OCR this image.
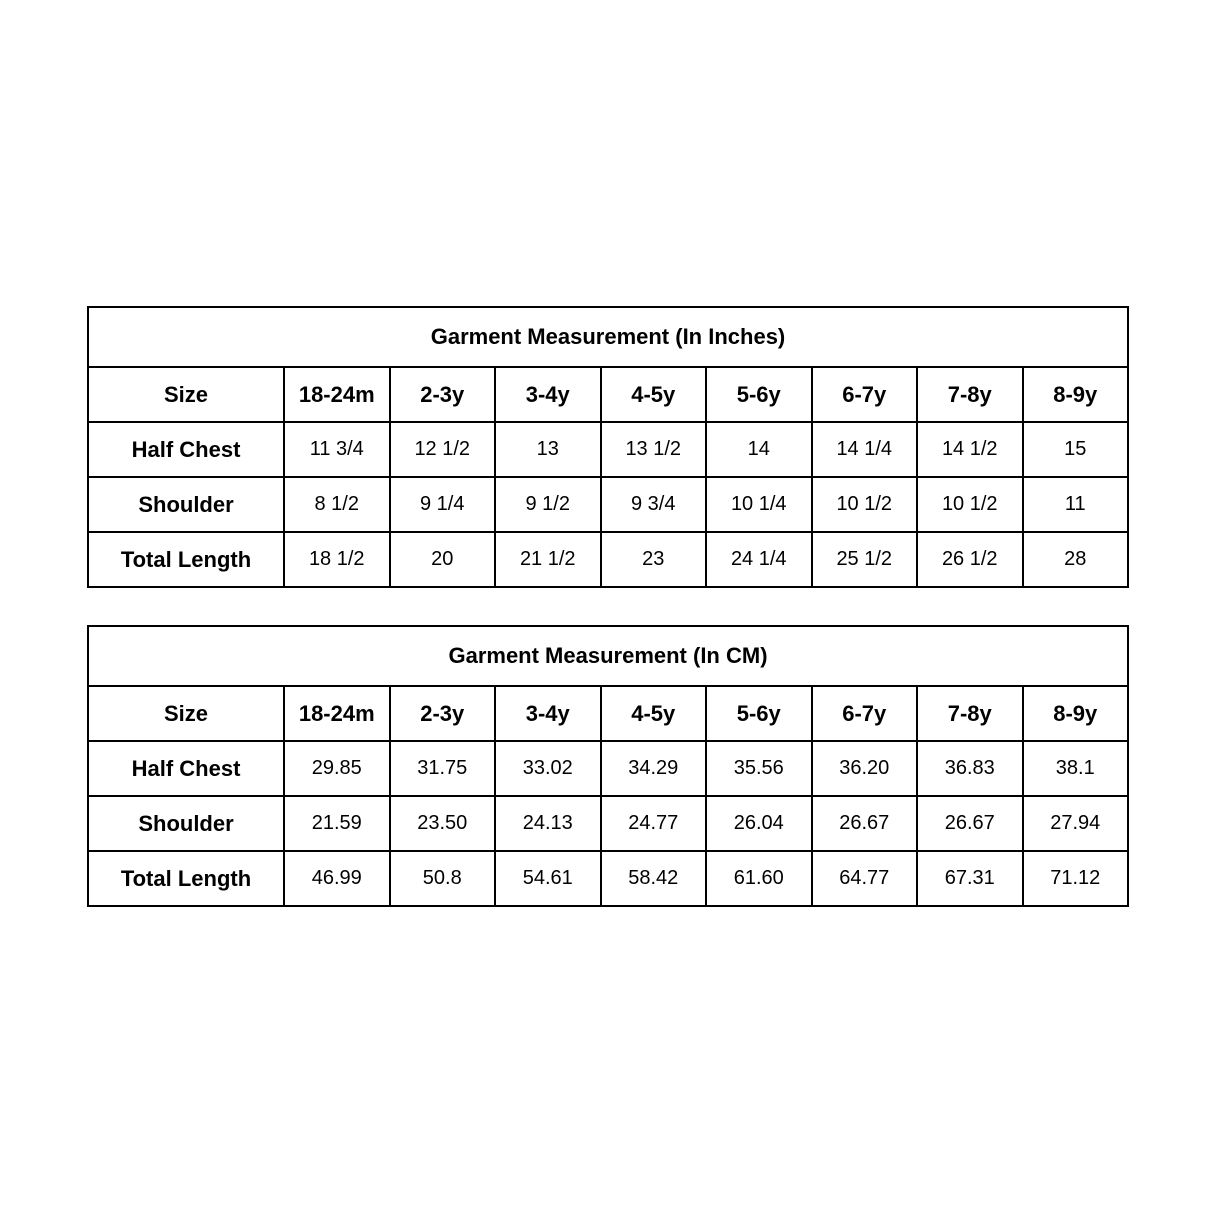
Garment Measurement (In Inches)								
Size	18-24m	2-3y	3-4y	4-5y	5-6y	6-7y	7-8y	8-9y
Half Chest	11 3/4	12 1/2	13	13 1/2	14	14 1/4	14 1/2	15
Shoulder	8 1/2	9 1/4	9 1/2	9 3/4	10 1/4	10 1/2	10 1/2	11
Total Length	18 1/2	20	21 1/2	23	24 1/4	25 1/2	26 1/2	28
Garment Measurement (In CM)								
Size	18-24m	2-3y	3-4y	4-5y	5-6y	6-7y	7-8y	8-9y
Half Chest	29.85	31.75	33.02	34.29	35.56	36.20	36.83	38.1
Shoulder	21.59	23.50	24.13	24.77	26.04	26.67	26.67	27.94
Total Length	46.99	50.8	54.61	58.42	61.60	64.77	67.31	71.12
